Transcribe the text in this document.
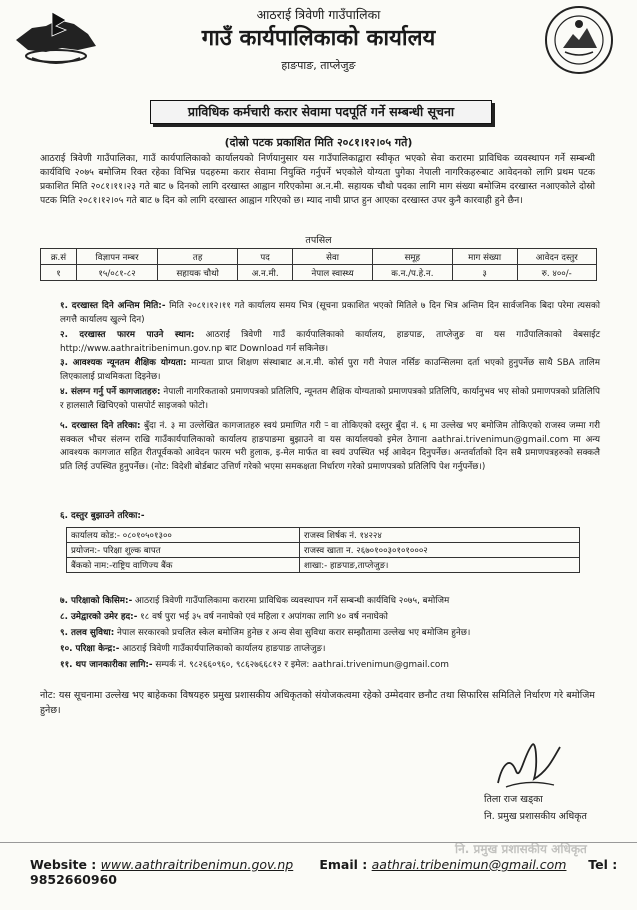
आठराई त्रिवेणी गाउँपालिका
गाउँ कार्यपालिकाको कार्यालय
हाङपाङ, ताप्लेजुङ
प्राविधिक कर्मचारी करार सेवामा पदपूर्ति गर्ने सम्बन्धी सूचना
(दोस्रो पटक प्रकाशित मिति २०८१।१२।०५ गते)
आठराई त्रिवेणी गाउँपालिका, गाउँ कार्यपालिकाको कार्यालयको निर्णयानुसार यस गाउँपालिकाद्वारा स्वीकृत भएको सेवा करारमा प्राविधिक व्यवस्थापन गर्ने सम्बन्धी कार्यविधि २०७५ बमोजिम रिक्त रहेका विभिन्न पदहरुमा करार सेवामा नियुक्ति गर्नुपर्ने भएकोले योग्यता पुगेका नेपाली नागरिकहरुबाट आवेदनको लागि प्रथम पटक प्रकाशित मिति २०८१।११।२३ गते बाट ७ दिनको लागि दरखास्त आह्वान गरिएकोमा अ.न.मी. सहायक चौथो पदका लागि माग संख्या बमोजिम दरखास्त नआएकोले दोस्रो पटक मिति २०८१।१२।०५ गते बाट ७ दिन को लागि दरखास्त आह्वान गरिएको छ। म्याद नाघी प्राप्त हुन आएका दरखास्त उपर कुनै कारवाही हुने छैन।
तपसिल
क्र.सं	विज्ञापन नम्बर	तह	पद	सेवा	समूह	माग संख्या	आवेदन दस्तुर
१	१५/०८१-८२	सहायक चौथो	अ.न.मी.	नेपाल स्वास्थ्य	क.न./प.हे.न.	३	रु. ४००/-
१. दरखास्त दिने अन्तिम मिति:- मिति २०८१।१२।११ गते कार्यालय समय भित्र (सूचना प्रकाशित भएको मितिले ७ दिन भित्र अन्तिम दिन सार्वजनिक बिदा परेमा त्यसको लगत्तै कार्यालय खुल्ने दिन)
२. दरखास्त फारम पाउने स्थान: आठराई त्रिवेणी गाउँ कार्यपालिकाको कार्यालय, हाङपाङ, ताप्लेजुङ वा यस गाउँपालिकाको वेबसाईट http://www.aathraitribenimun.gov.np बाट Download गर्न सकिनेछ।
३. आवश्यक न्यूनतम शैक्षिक योग्यता: मान्यता प्राप्त शिक्षण संस्थाबाट अ.न.मी. कोर्स पुरा गरी नेपाल नर्सिङ काउन्सिलमा दर्ता भएको हुनुपर्नेछ साथै SBA तालिम लिएकालाई प्राथमिकता दिइनेछ।
४. संलग्न गर्नु पर्ने कागजातहरु: नेपाली नागरिकताको प्रमाणपत्रको प्रतिलिपि, न्यूनतम शैक्षिक योग्यताको प्रमाणपत्रको प्रतिलिपि, कार्यानुभव भए सोको प्रमाणपत्रको प्रतिलिपि र हालसालै खिचिएको पासपोर्ट साइजको फोटो।
५. दरखास्त दिने तरिका: बुँदा नं. ३ मा उल्लेखित कागजातहरु स्वयं प्रमाणित गरी र्‍ वा तोकिएको दस्तुर बुँदा नं. ६ मा उल्लेख भए बमोजिम तोकिएको राजस्व जम्मा गरी सक्कल भौचर संलग्न राखि गाउँकार्यपालिकाको कार्यालय हाङपाङमा बुझाउने वा यस कार्यालयको इमेल ठेगाना aathrai.trivenimun@gmail.com मा अन्य आवश्यक कागजात सहित रीतपूर्वकको आवेदन फारम भरी हुलाक, इ-मेल मार्फत वा स्वयं उपस्थित भई आवेदन दिनुपर्नेछ। अन्तर्वार्ताको दिन सबै प्रमाणपत्रहरुको सक्कलै प्रति लिई उपस्थित हुनुपर्नेछ। (नोट: विदेशी बोर्डबाट उत्तिर्ण गरेको भएमा समकक्षता निर्धारण गरेको प्रमाणपत्रको प्रतिलिपि पेश गर्नुपर्नेछ।)
६. दस्तुर बुझाउने तरिका:-
कार्यालय कोड:- ०८०१०५०१३००	राजस्व शिर्षक नं. १४२२४
प्रयोजन:- परिक्षा शुल्क बापत	राजस्व खाता न. २६७०१००३०१०१०००२
बैंकको नाम:-राष्ट्रिय वाणिज्य बैंक	शाखा:- हाङपाङ,ताप्लेजुङ।
७. परिक्षाको किसिम:- आठराई त्रिवेणी गाउँपालिकामा करारमा प्राविधिक व्यवस्थापन गर्ने सम्बन्धी कार्यविधि २०७५, बमोजिम
८. उमेद्वारको उमेर हद:- १८ वर्ष पुरा भई ३५ वर्ष ननाघेको एवं महिला र अपांगका लागि ४० वर्ष ननाघेको
९. तलव सुविधा: नेपाल सरकारको प्रचलित स्केल बमोजिम हुनेछ र अन्य सेवा सुविधा करार सम्झौतामा उल्लेख भए बमोजिम हुनेछ।
१०. परिक्षा केन्द्र:- आठराई त्रिवेणी गाउँकार्यपालिकाको कार्यालय हाङपाङ ताप्लेजुङ।
११. थप जानकारीका लागि:- सम्पर्क नं. ९८२६६०९६०, ९८६२७६६८१२ र इमेल: aathrai.trivenimun@gmail.com
नोट: यस सूचनामा उल्लेख भए बाहेकका विषयहरु प्रमुख प्रशासकीय अधिकृतको संयोजकत्वमा रहेको उम्मेदवार छनौट तथा सिफारिस समितिले निर्धारण गरे बमोजिम हुनेछ।
तिला राज खड्का
नि. प्रमुख प्रशासकीय अधिकृत
नि. प्रमुख प्रशासकीय अधिकृत
Website : www.aathraitribenimun.gov.np Email : aathrai.tribenimun@gmail.com Tel : 9852660960
